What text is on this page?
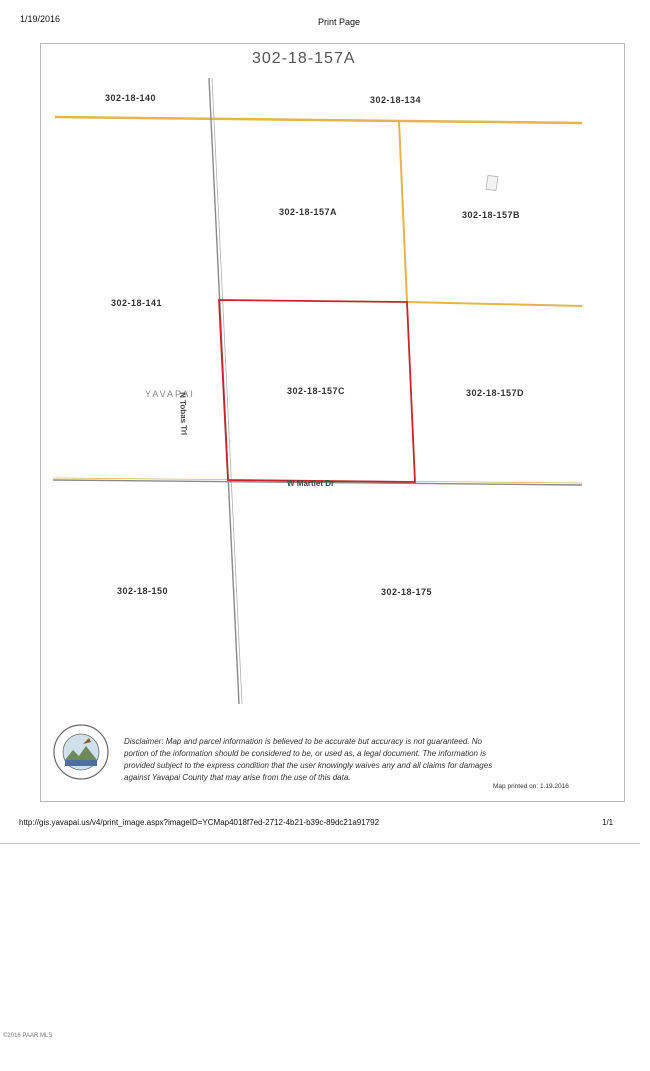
1/19/2016	Print Page
302-18-157A
302-18-140	302-18-134
302-18-157A	302-18-157B
302-18-141
302-18-157C	302-18-157D
302-18-150	302-18-175
YAVAPAI
N Tobas Trl
W Martlet Dr
Disclaimer: Map and parcel information is believed to be accurate but accuracy is not guaranteed. No portion of the information should be considered to be, or used as, a legal document. The information is provided subject to the express condition that the user knowingly waives any and all claims for damages against Yavapai County that may arise from the use of this data.
Map printed on: 1.19.2016
http://gis.yavapai.us/v4/print_image.aspx?imageID=YCMap4018f7ed-2712-4b21-b39c-89dc21a91792	1/1
©2016 PAAR MLS
